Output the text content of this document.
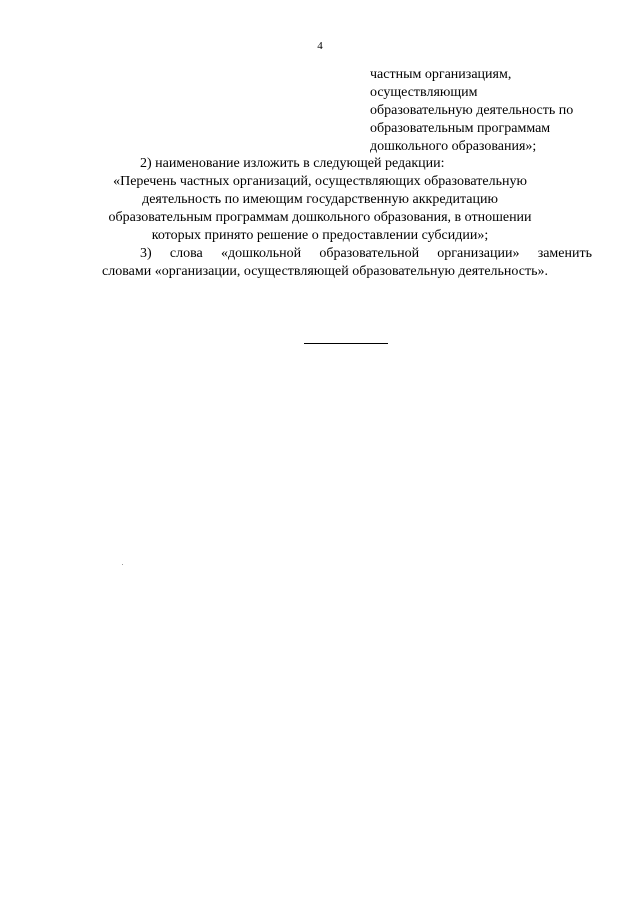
4
частным организациям,
осуществляющим
образовательную деятельность по
образовательным программам
дошкольного образования»;
2) наименование изложить в следующей редакции:
«Перечень частных организаций, осуществляющих образовательную
деятельность по имеющим государственную аккредитацию
образовательным программам дошкольного образования, в отношении
которых принято решение о предоставлении субсидии»;
3) слова «дошкольной образовательной организации» заменить
словами «организации, осуществляющей образовательную деятельность».
